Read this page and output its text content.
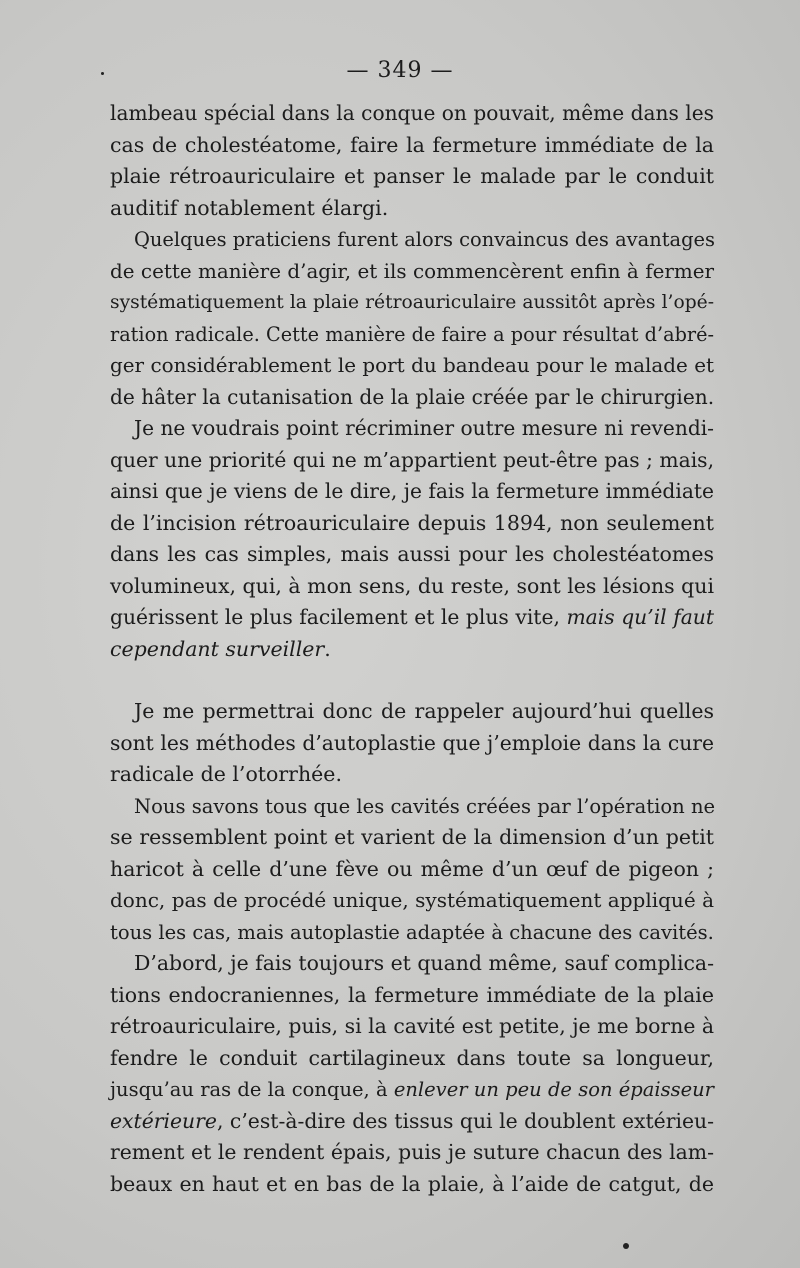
— 349 —

lambeau spécial dans la conque on pouvait, même dans les
cas de cholestéatome, faire la fermeture immédiate de la
plaie rétroauriculaire et panser le malade par le conduit
auditif notablement élargi.

Quelques praticiens furent alors convaincus des avantages
de cette manière d’agir, et ils commencèrent enfin à fermer
systématiquement la plaie rétroauriculaire aussitôt après l’opé-
ration radicale. Cette manière de faire a pour résultat d’abré-
ger considérablement le port du bandeau pour le malade et
de hâter la cutanisation de la plaie créée par le chirurgien.

Je ne voudrais point récriminer outre mesure ni revendi-
quer une priorité qui ne m’appartient peut-être pas ; mais,
ainsi que je viens de le dire, je fais la fermeture immédiate
de l’incision rétroauriculaire depuis 1894, non seulement
dans les cas simples, mais aussi pour les cholestéatomes
volumineux, qui, à mon sens, du reste, sont les lésions qui
guérissent le plus facilement et le plus vite, mais qu’il faut
cependant surveiller.

Je me permettrai donc de rappeler aujourd’hui quelles
sont les méthodes d’autoplastie que j’emploie dans la cure
radicale de l’otorrhée.

Nous savons tous que les cavités créées par l’opération ne
se ressemblent point et varient de la dimension d’un petit
haricot à celle d’une fève ou même d’un œuf de pigeon ;
donc, pas de procédé unique, systématiquement appliqué à
tous les cas, mais autoplastie adaptée à chacune des cavités.

D’abord, je fais toujours et quand même, sauf complica-
tions endocraniennes, la fermeture immédiate de la plaie
rétroauriculaire, puis, si la cavité est petite, je me borne à
fendre le conduit cartilagineux dans toute sa longueur,
jusqu’au ras de la conque, à enlever un peu de son épaisseur
extérieure, c’est-à-dire des tissus qui le doublent extérieu-
rement et le rendent épais, puis je suture chacun des lam-
beaux en haut et en bas de la plaie, à l’aide de catgut, de
